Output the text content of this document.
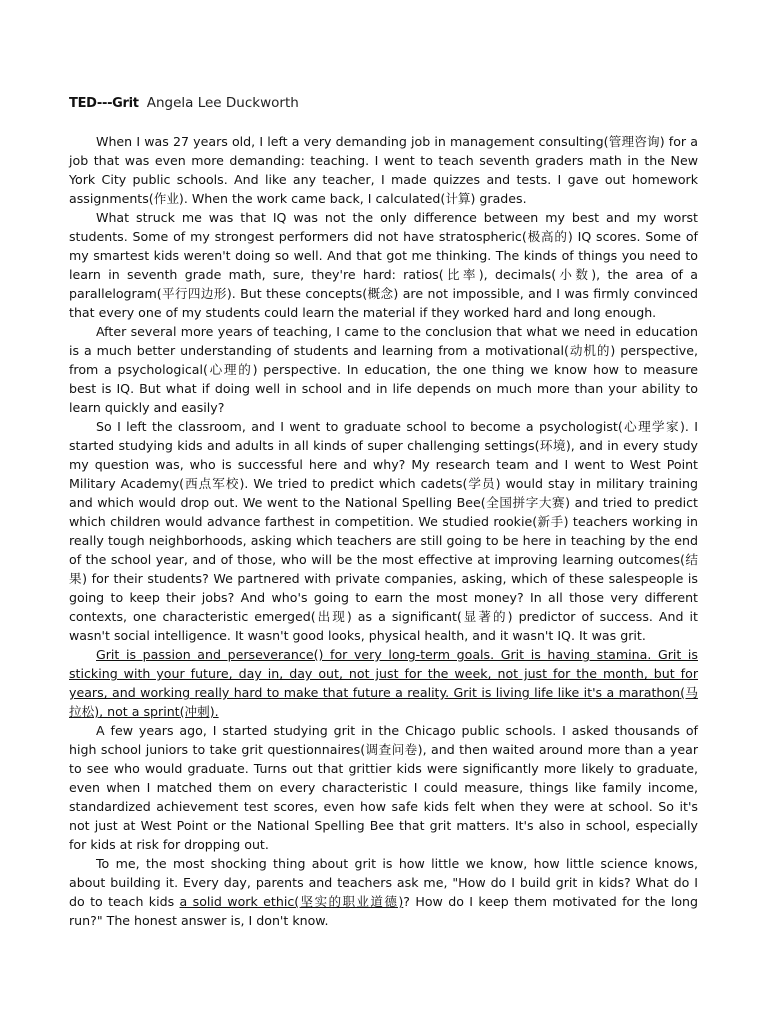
TED---Grit Angela Lee Duckworth

When I was 27 years old, I left a very demanding job in management consulting(管理咨询) for a job that was even more demanding: teaching. I went to teach seventh graders math in the New York City public schools. And like any teacher, I made quizzes and tests. I gave out homework assignments(作业). When the work came back, I calculated(计算) grades.

What struck me was that IQ was not the only difference between my best and my worst students. Some of my strongest performers did not have stratospheric(极高的) IQ scores. Some of my smartest kids weren't doing so well. And that got me thinking. The kinds of things you need to learn in seventh grade math, sure, they're hard: ratios(比率), decimals(小数), the area of a parallelogram(平行四边形). But these concepts(概念) are not impossible, and I was firmly convinced that every one of my students could learn the material if they worked hard and long enough.

After several more years of teaching, I came to the conclusion that what we need in education is a much better understanding of students and learning from a motivational(动机的) perspective, from a psychological(心理的) perspective. In education, the one thing we know how to measure best is IQ. But what if doing well in school and in life depends on much more than your ability to learn quickly and easily?

So I left the classroom, and I went to graduate school to become a psychologist(心理学家). I started studying kids and adults in all kinds of super challenging settings(环境), and in every study my question was, who is successful here and why? My research team and I went to West Point Military Academy(西点军校). We tried to predict which cadets(学员) would stay in military training and which would drop out. We went to the National Spelling Bee(全国拼字大赛) and tried to predict which children would advance farthest in competition. We studied rookie(新手) teachers working in really tough neighborhoods, asking which teachers are still going to be here in teaching by the end of the school year, and of those, who will be the most effective at improving learning outcomes(结果) for their students? We partnered with private companies, asking, which of these salespeople is going to keep their jobs? And who's going to earn the most money? In all those very different contexts, one characteristic emerged(出现) as a significant(显著的) predictor of success. And it wasn't social intelligence. It wasn't good looks, physical health, and it wasn't IQ. It was grit.

Grit is passion and perseverance() for very long-term goals. Grit is having stamina. Grit is sticking with your future, day in, day out, not just for the week, not just for the month, but for years, and working really hard to make that future a reality. Grit is living life like it's a marathon(马拉松), not a sprint(冲刺).

A few years ago, I started studying grit in the Chicago public schools. I asked thousands of high school juniors to take grit questionnaires(调查问卷), and then waited around more than a year to see who would graduate. Turns out that grittier kids were significantly more likely to graduate, even when I matched them on every characteristic I could measure, things like family income, standardized achievement test scores, even how safe kids felt when they were at school. So it's not just at West Point or the National Spelling Bee that grit matters. It's also in school, especially for kids at risk for dropping out.

To me, the most shocking thing about grit is how little we know, how little science knows, about building it. Every day, parents and teachers ask me, "How do I build grit in kids? What do I do to teach kids a solid work ethic(坚实的职业道德)? How do I keep them motivated for the long run?" The honest answer is, I don't know.
